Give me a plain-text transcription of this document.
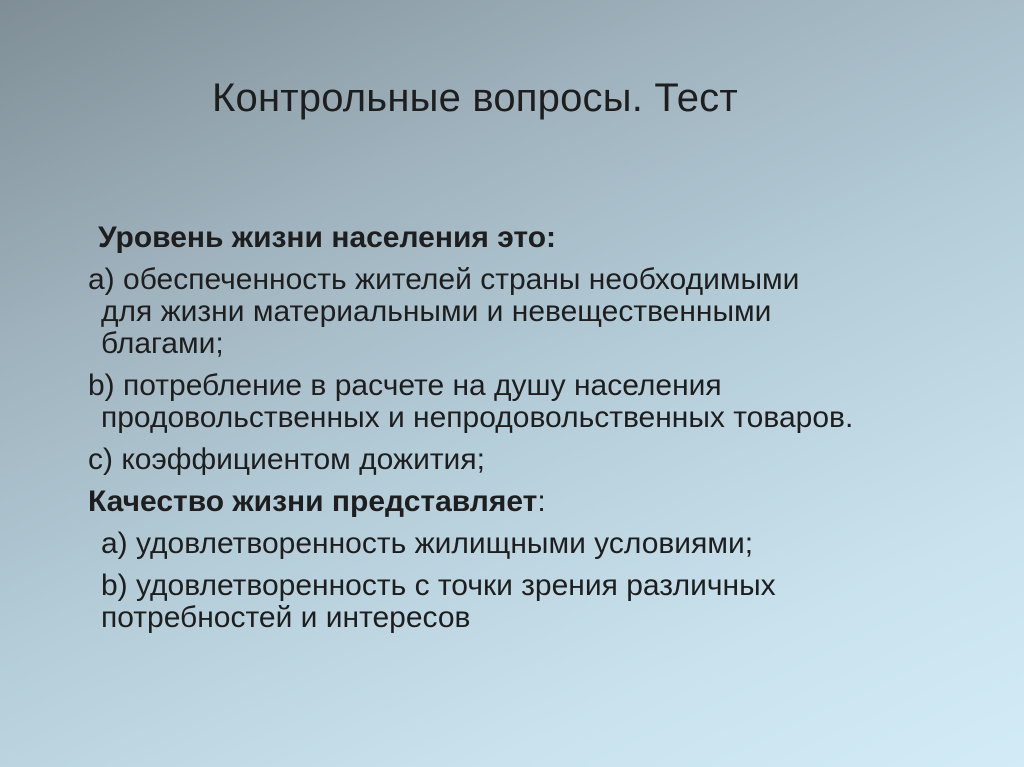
Контрольные вопросы. Тест
Уровень жизни населения это:
a) обеспеченность жителей страны необходимыми
для жизни материальными и невещественными
благами;
b) потребление в расчете на душу населения
продовольственных и непродовольственных товаров.
c) коэффициентом дожития;
Качество жизни представляет:
a) удовлетворенность жилищными условиями;
b) удовлетворенность с точки зрения различных
потребностей и интересов
